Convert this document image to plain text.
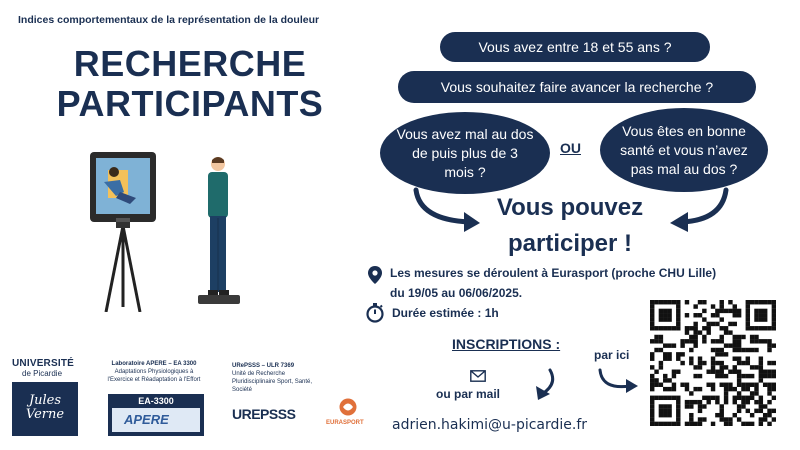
Indices comportementaux de la représentation de la douleur
RECHERCHE
PARTICIPANTS
Vous avez entre 18 et 55 ans ?
Vous souhaitez faire avancer la recherche ?
Vous avez mal au dos de puis plus de 3 mois ?
OU
Vous êtes en bonne santé et vous n’avez pas mal au dos ?
Vous pouvez
participer !
Les mesures se déroulent à Eurasport (proche CHU Lille)
du 19/05 au 06/06/2025.
Durée estimée : 1h
INSCRIPTIONS :
par ici
ou par mail
adrien.hakimi@u-picardie.fr
UNIVERSITÉ
de Picardie
Jules Verne
Laboratoire APERE – EA 3300
Adaptations Physiologiques à
l'Exercice et Réadaptation à l'Effort
EA-3300
APERE
URePSSS – ULR 7369
Unité de Recherche
Pluridisciplinaire Sport, Santé,
Société
UREPSSS
EURASPORT
